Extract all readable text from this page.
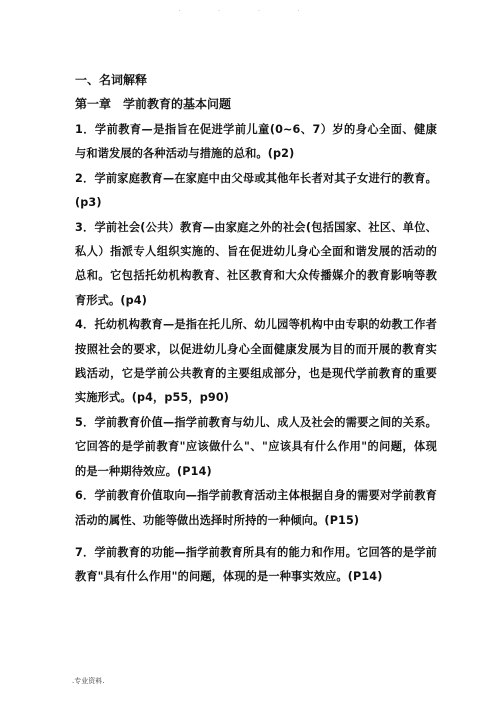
· · · ·

一、名词解释

第一章　学前教育的基本问题

1．学前教育—是指旨在促进学前儿童(0~6、7）岁的身心全面、健康与和谐发展的各种活动与措施的总和。(p2)

2．学前家庭教育—在家庭中由父母或其他年长者对其子女进行的教育。(p3)

3．学前社会(公共）教育—由家庭之外的社会(包括国家、社区、单位、私人）指派专人组织实施的、旨在促进幼儿身心全面和谐发展的活动的总和。它包括托幼机构教育、社区教育和大众传播媒介的教育影响等教育形式。(p4)

4．托幼机构教育—是指在托儿所、幼儿园等机构中由专职的幼教工作者按照社会的要求，以促进幼儿身心全面健康发展为目的而开展的教育实践活动，它是学前公共教育的主要组成部分，也是现代学前教育的重要实施形式。(p4，p55，p90)

5．学前教育价值—指学前教育与幼儿、成人及社会的需要之间的关系。它回答的是学前教育"应该做什么"、"应该具有什么作用"的问题，体现的是一种期待效应。(P14)

6．学前教育价值取向—指学前教育活动主体根据自身的需要对学前教育活动的属性、功能等做出选择时所持的一种倾向。(P15)

7．学前教育的功能—指学前教育所具有的能力和作用。它回答的是学前教育"具有什么作用"的问题，体现的是一种事实效应。(P14)

.专业资料.
